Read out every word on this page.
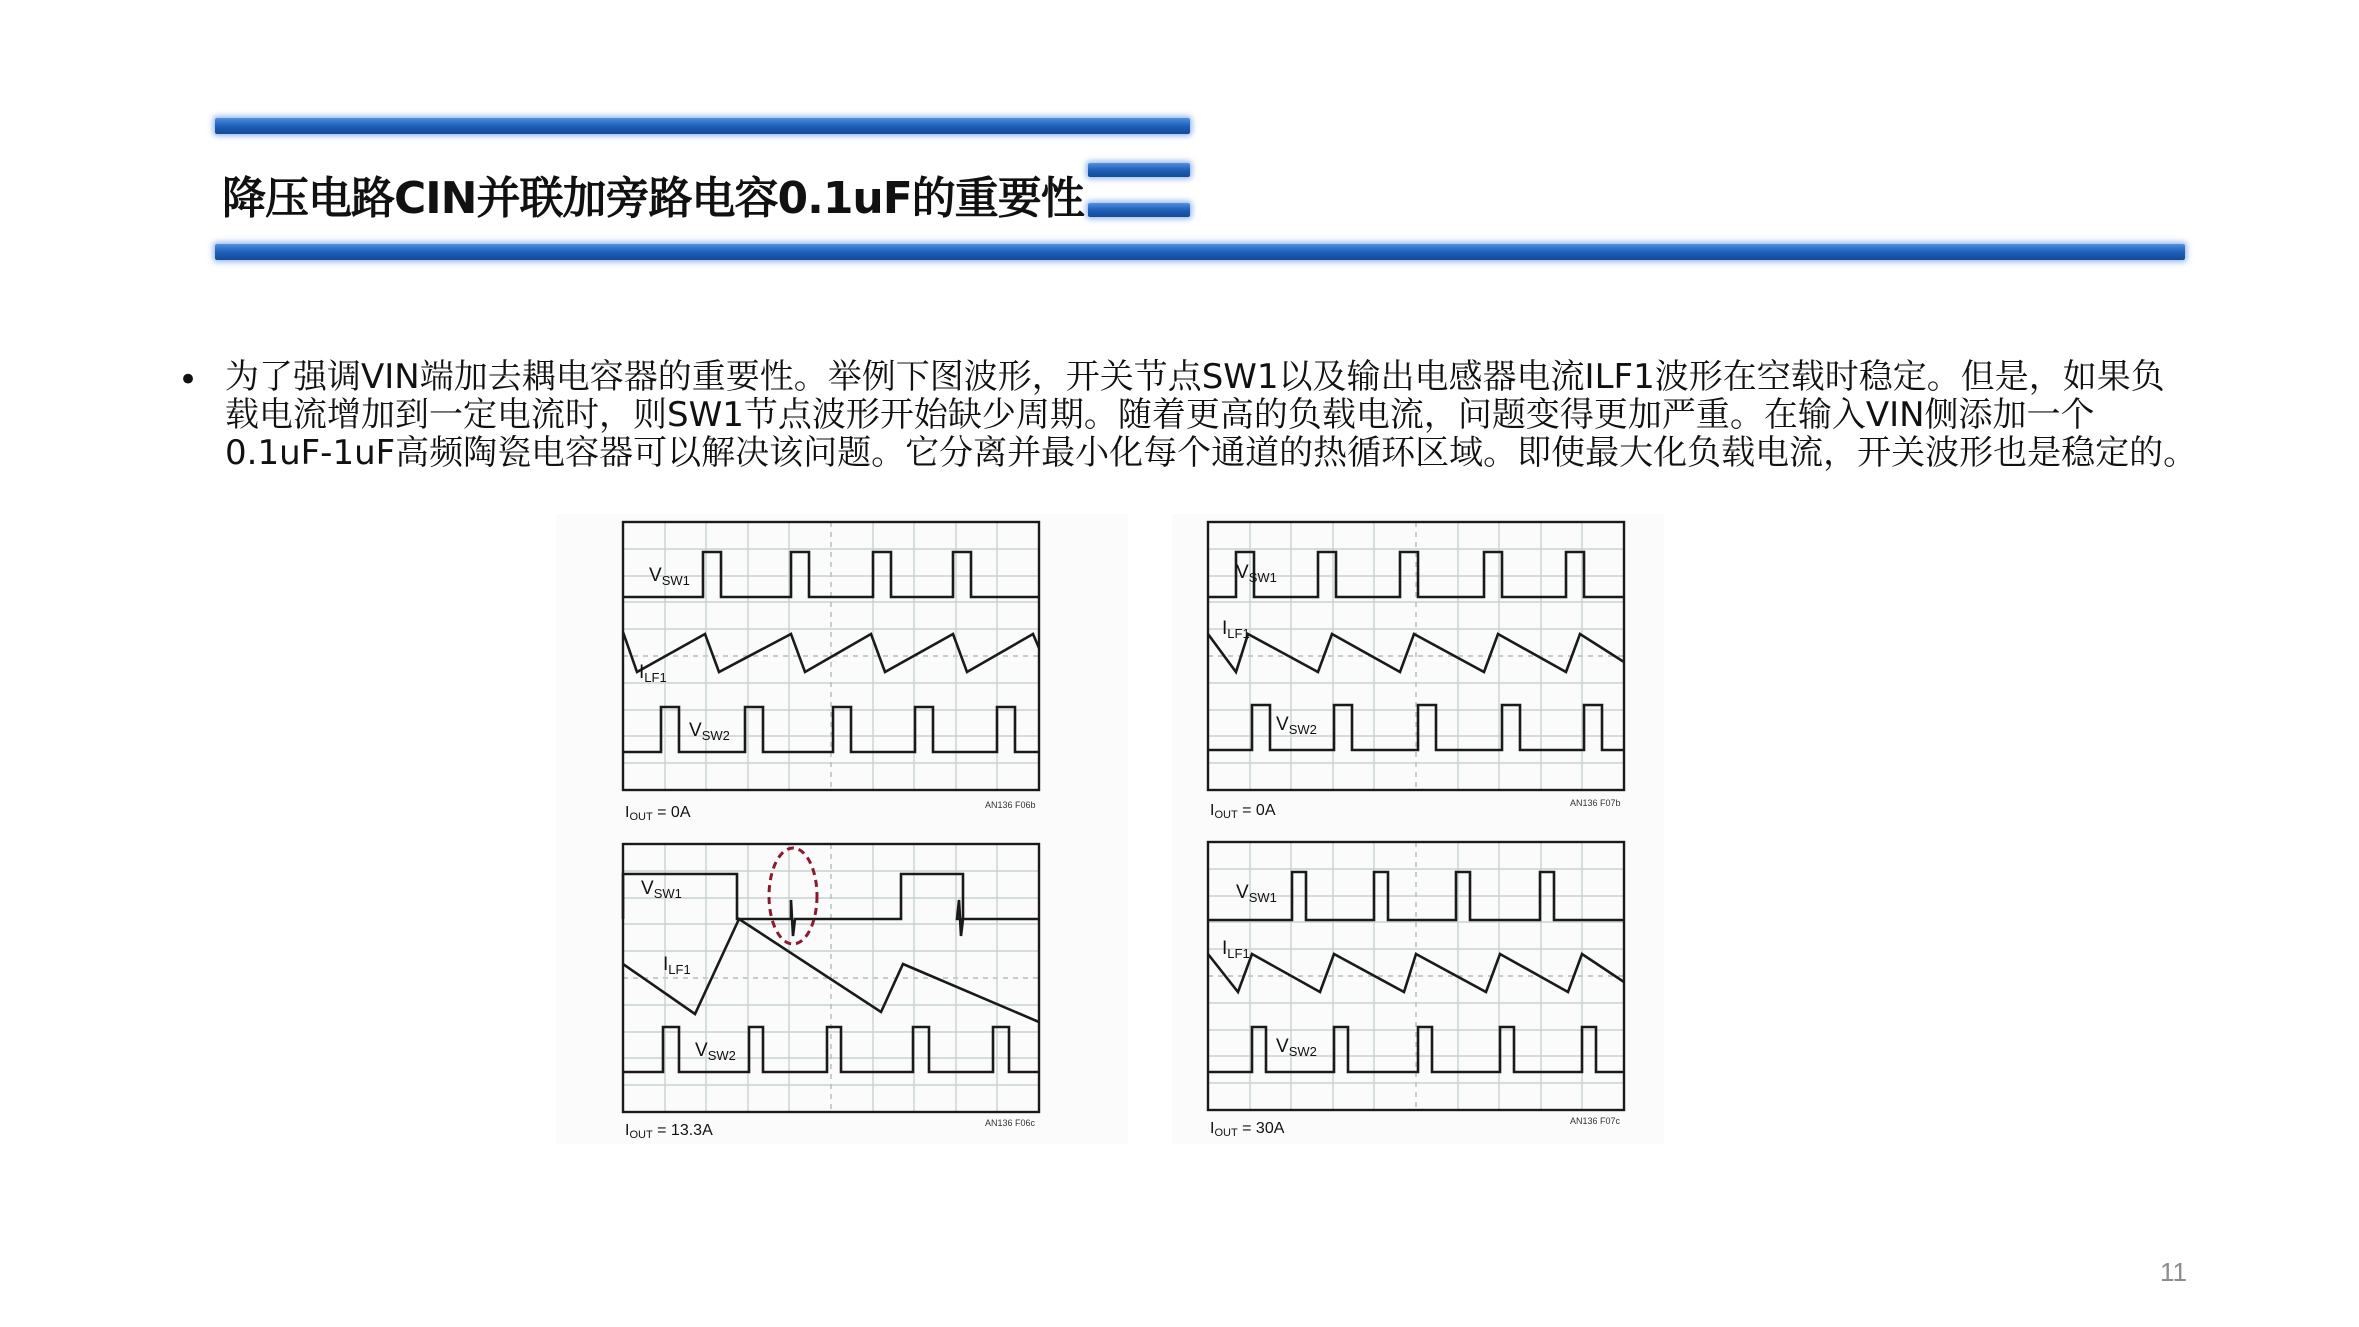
降压电路CIN并联加旁路电容0.1uF的重要性
• 为了强调VIN端加去耦电容器的重要性。举例下图波形，开关节点SW1以及输出电感器电流ILF1波形在空载时稳定。但是，如果负
载电流增加到一定电流时，则SW1节点波形开始缺少周期。随着更高的负载电流，问题变得更加严重。在输入VIN侧添加一个
0.1uF-1uF高频陶瓷电容器可以解决该问题。它分离并最小化每个通道的热循环区域。即使最大化负载电流，开关波形也是稳定的。
$V_{SW1}$
$I_{LF1}$
$V_{SW2}$
$I_{OUT} = 0A$	AN136 F06b
$V_{SW1}$
$I_{LF1}$
$V_{SW2}$
$I_{OUT} = 0A$	AN136 F07b
$V_{SW1}$
$I_{LF1}$
$V_{SW2}$
$I_{OUT} = 13.3A$	AN136 F06c
$V_{SW1}$
$I_{LF1}$
$V_{SW2}$
$I_{OUT} = 30A$	AN136 F07c
11
